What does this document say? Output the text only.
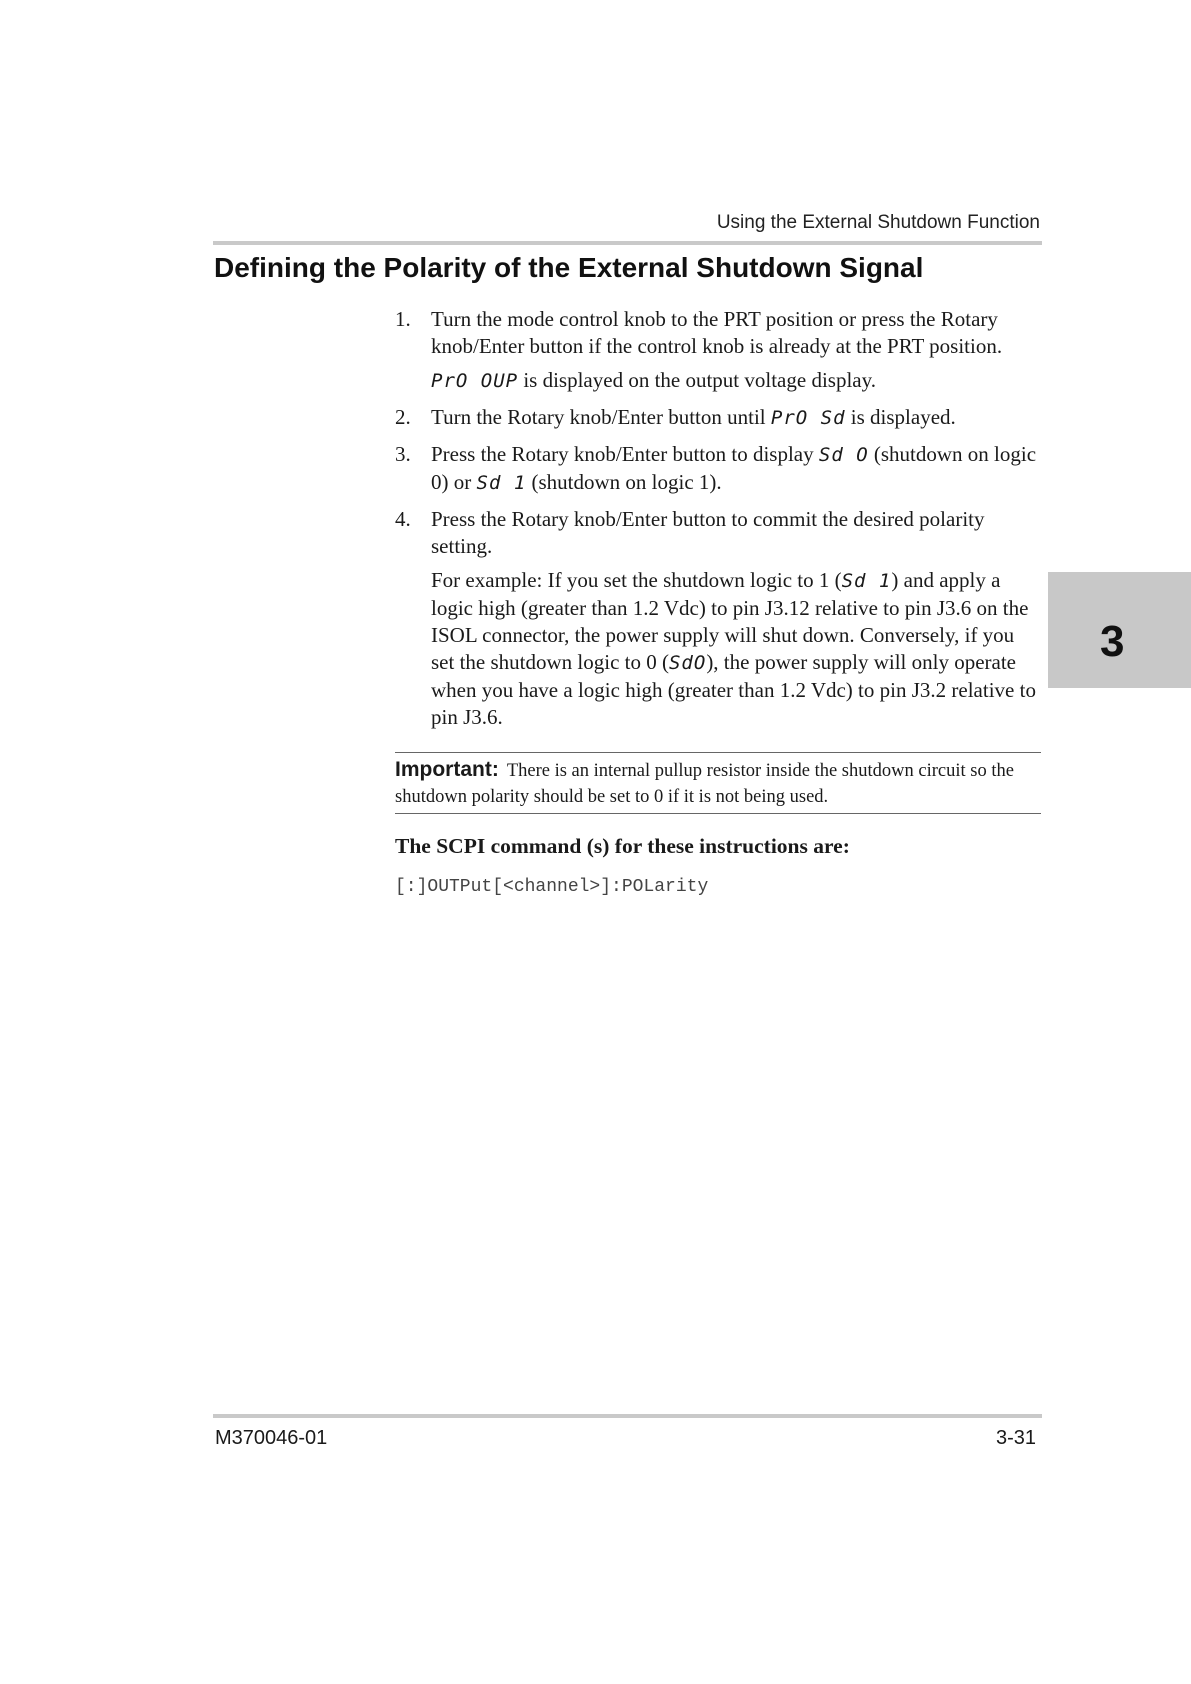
Using the External Shutdown Function
Defining the Polarity of the External Shutdown Signal
1. Turn the mode control knob to the PRT position or press the Rotary knob/Enter button if the control knob is already at the PRT position.

PrO OUP is displayed on the output voltage display.

2. Turn the Rotary knob/Enter button until PrO Sd is displayed.
3. Press the Rotary knob/Enter button to display Sd O (shutdown on logic 0) or Sd 1 (shutdown on logic 1).
4. Press the Rotary knob/Enter button to commit the desired polarity setting.

For example: If you set the shutdown logic to 1 (Sd 1) and apply a logic high (greater than 1.2 Vdc) to pin J3.12 relative to pin J3.6 on the ISOL connector, the power supply will shut down. Conversely, if you set the shutdown logic to 0 (SdO), the power supply will only operate when you have a logic high (greater than 1.2 Vdc) to pin J3.2 relative to pin J3.6.

Important: There is an internal pullup resistor inside the shutdown circuit so the shutdown polarity should be set to 0 if it is not being used.
The SCPI command (s) for these instructions are:
[:]OUTPut[<channel>]:POLarity
3
M370046-01	3-31
